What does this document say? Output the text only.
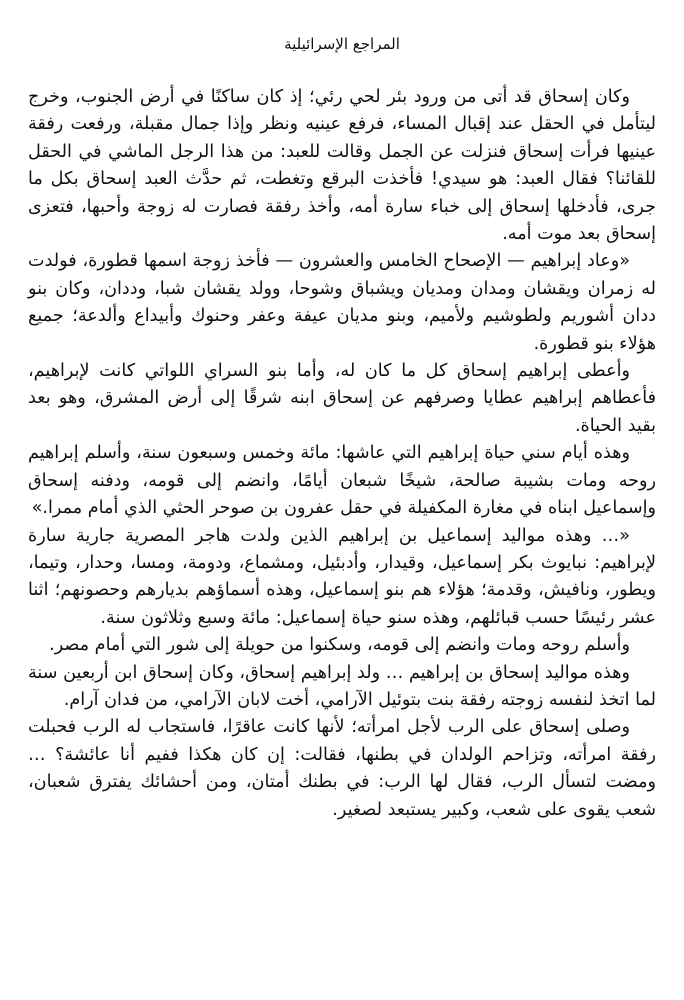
المراجع الإسرائيلية

وكان إسحاق قد أتى من ورود بئر لحي رئي؛ إذ كان ساكنًا في أرض الجنوب، وخرج ليتأمل في الحقل عند إقبال المساء، فرفع عينيه ونظر وإذا جمال مقبلة، ورفعت رفقة عينيها فرأت إسحاق فنزلت عن الجمل وقالت للعبد: من هذا الرجل الماشي في الحقل للقائنا؟ فقال العبد: هو سيدي! فأخذت البرقع وتغطت، ثم حدَّث العبد إسحاق بكل ما جرى، فأدخلها إسحاق إلى خباء سارة أمه، وأخذ رفقة فصارت له زوجة وأحبها، فتعزى إسحاق بعد موت أمه.

«وعاد إبراهيم — الإصحاح الخامس والعشرون — فأخذ زوجة اسمها قطورة، فولدت له زمران ويقشان ومدان ومديان ويشباق وشوحا، وولد يقشان شبا، وددان، وكان بنو ددان أشوريم ولطوشيم ولأميم، وبنو مديان عيفة وعفر وحنوك وأبيداع وألدعة؛ جميع هؤلاء بنو قطورة.

وأعطى إبراهيم إسحاق كل ما كان له، وأما بنو السراي اللواتي كانت لإبراهيم، فأعطاهم إبراهيم عطايا وصرفهم عن إسحاق ابنه شرقًا إلى أرض المشرق، وهو بعد بقيد الحياة.

وهذه أيام سني حياة إبراهيم التي عاشها: مائة وخمس وسبعون سنة، وأسلم إبراهيم روحه ومات بشيبة صالحة، شيخًا شبعان أيامًا، وانضم إلى قومه، ودفنه إسحاق وإسماعيل ابناه في مغارة المكفيلة في حقل عفرون بن صوحر الحثي الذي أمام ممرا.»

«… وهذه مواليد إسماعيل بن إبراهيم الذين ولدت هاجر المصرية جارية سارة لإبراهيم: نبايوث بكر إسماعيل، وقيدار، وأدبئيل، ومشماع، ودومة، ومسا، وحدار، وتيما، ويطور، ونافيش، وقدمة؛ هؤلاء هم بنو إسماعيل، وهذه أسماؤهم بديارهم وحصونهم؛ اثنا عشر رئيسًا حسب قبائلهم، وهذه سنو حياة إسماعيل: مائة وسبع وثلاثون سنة.

وأسلم روحه ومات وانضم إلى قومه، وسكنوا من حويلة إلى شور التي أمام مصر.

وهذه مواليد إسحاق بن إبراهيم … ولد إبراهيم إسحاق، وكان إسحاق ابن أربعين سنة لما اتخذ لنفسه زوجته رفقة بنت بتوئيل الآرامي، أخت لابان الآرامي، من فدان آرام.

وصلى إسحاق على الرب لأجل امرأته؛ لأنها كانت عاقرًا، فاستجاب له الرب فحبلت رفقة امرأته، وتزاحم الولدان في بطنها، فقالت: إن كان هكذا ففيم أنا عائشة؟ … ومضت لتسأل الرب، فقال لها الرب: في بطنك أمتان، ومن أحشائك يفترق شعبان، شعب يقوى على شعب، وكبير يستبعد لصغير.
